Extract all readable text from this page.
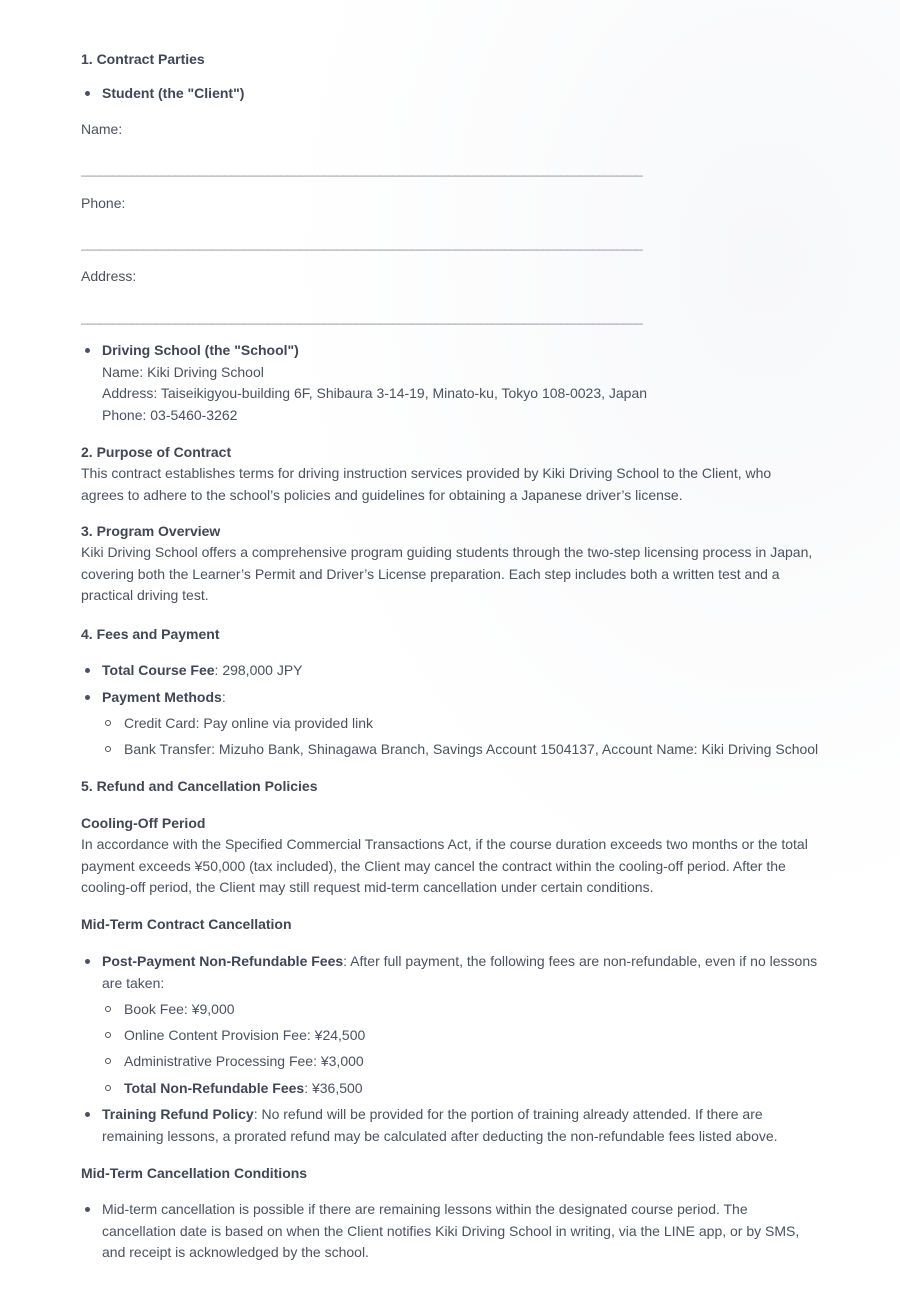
1. Contract Parties

Student (the "Client")

Name:

__________________________________________________________________________________________

Phone:

__________________________________________________________________________________________

Address:

__________________________________________________________________________________________

Driving School (the "School")
Name: Kiki Driving School
Address: Taiseikigyou-building 6F, Shibaura 3-14-19, Minato-ku, Tokyo 108-0023, Japan
Phone: 03-5460-3262

2. Purpose of Contract

This contract establishes terms for driving instruction services provided by Kiki Driving School to the Client, who

agrees to adhere to the school’s policies and guidelines for obtaining a Japanese driver’s license.

3. Program Overview

Kiki Driving School offers a comprehensive program guiding students through the two-step licensing process in Japan,

covering both the Learner’s Permit and Driver’s License preparation. Each step includes both a written test and a

practical driving test.

4. Fees and Payment

Total Course Fee: 298,000 JPY
Payment Methods:
Credit Card: Pay online via provided link
Bank Transfer: Mizuho Bank, Shinagawa Branch, Savings Account 1504137, Account Name: Kiki Driving School

5. Refund and Cancellation Policies

Cooling-Off Period

In accordance with the Specified Commercial Transactions Act, if the course duration exceeds two months or the total

payment exceeds ¥50,000 (tax included), the Client may cancel the contract within the cooling-off period. After the

cooling-off period, the Client may still request mid-term cancellation under certain conditions.

Mid-Term Contract Cancellation

Post-Payment Non-Refundable Fees: After full payment, the following fees are non-refundable, even if no lessons
are taken:
Book Fee: ¥9,000
Online Content Provision Fee: ¥24,500
Administrative Processing Fee: ¥3,000
Total Non-Refundable Fees: ¥36,500
Training Refund Policy: No refund will be provided for the portion of training already attended. If there are
remaining lessons, a prorated refund may be calculated after deducting the non-refundable fees listed above.

Mid-Term Cancellation Conditions

Mid-term cancellation is possible if there are remaining lessons within the designated course period. The
cancellation date is based on when the Client notifies Kiki Driving School in writing, via the LINE app, or by SMS,
and receipt is acknowledged by the school.
